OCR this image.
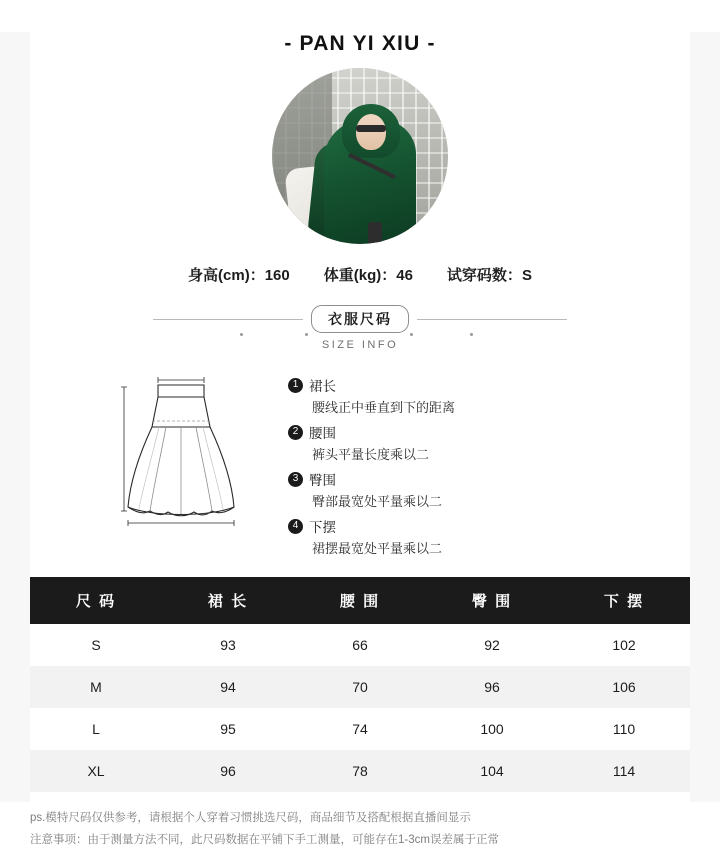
- PAN YI XIU -
身高(cm)：160 体重(kg)：46 试穿码数：S
衣服尺码
SIZE INFO
1 裙长
腰线正中垂直到下的距离
2 腰围
裤头平量长度乘以二
3 臀围
臀部最宽处平量乘以二
4 下摆
裙摆最宽处平量乘以二
尺 码	裙 长	腰 围	臀 围	下 摆
S	93	66	92	102
M	94	70	96	106
L	95	74	100	110
XL	96	78	104	114
ps.模特尺码仅供参考，请根据个人穿着习惯挑选尺码，商品细节及搭配根据直播间显示
注意事项：由于测量方法不同，此尺码数据在平铺下手工测量，可能存在1-3cm误差属于正常
